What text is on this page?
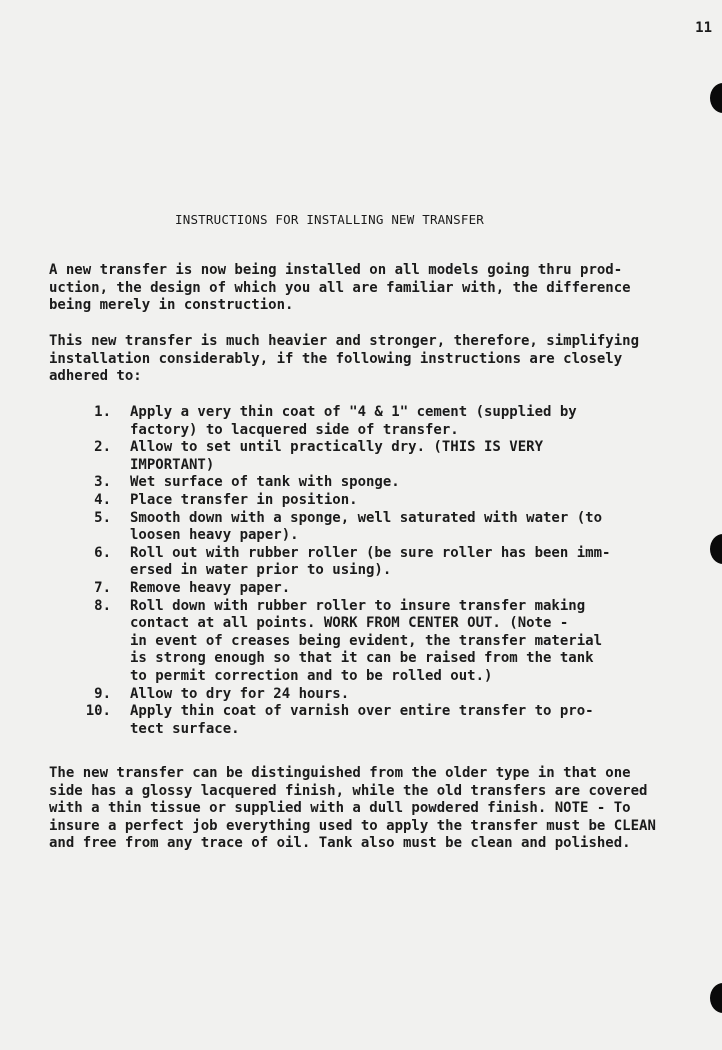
11
INSTRUCTIONS FOR INSTALLING NEW TRANSFER

A new transfer is now being installed on all models going thru prod-
uction, the design of which you all are familiar with, the difference
being merely in construction.

This new transfer is much heavier and stronger, therefore, simplifying
installation considerably, if the following instructions are closely
adhered to:

1. Apply a very thin coat of "4 & 1" cement (supplied by
factory) to lacquered side of transfer.
2. Allow to set until practically dry. (THIS IS VERY
IMPORTANT)
3. Wet surface of tank with sponge.
4. Place transfer in position.
5. Smooth down with a sponge, well saturated with water (to
loosen heavy paper).
6. Roll out with rubber roller (be sure roller has been imm-
ersed in water prior to using).
7. Remove heavy paper.
8. Roll down with rubber roller to insure transfer making
contact at all points. WORK FROM CENTER OUT. (Note -
in event of creases being evident, the transfer material
is strong enough so that it can be raised from the tank
to permit correction and to be rolled out.)
9. Allow to dry for 24 hours.
10. Apply thin coat of varnish over entire transfer to pro-
tect surface.

The new transfer can be distinguished from the older type in that one
side has a glossy lacquered finish, while the old transfers are covered
with a thin tissue or supplied with a dull powdered finish. NOTE - To
insure a perfect job everything used to apply the transfer must be CLEAN
and free from any trace of oil. Tank also must be clean and polished.
